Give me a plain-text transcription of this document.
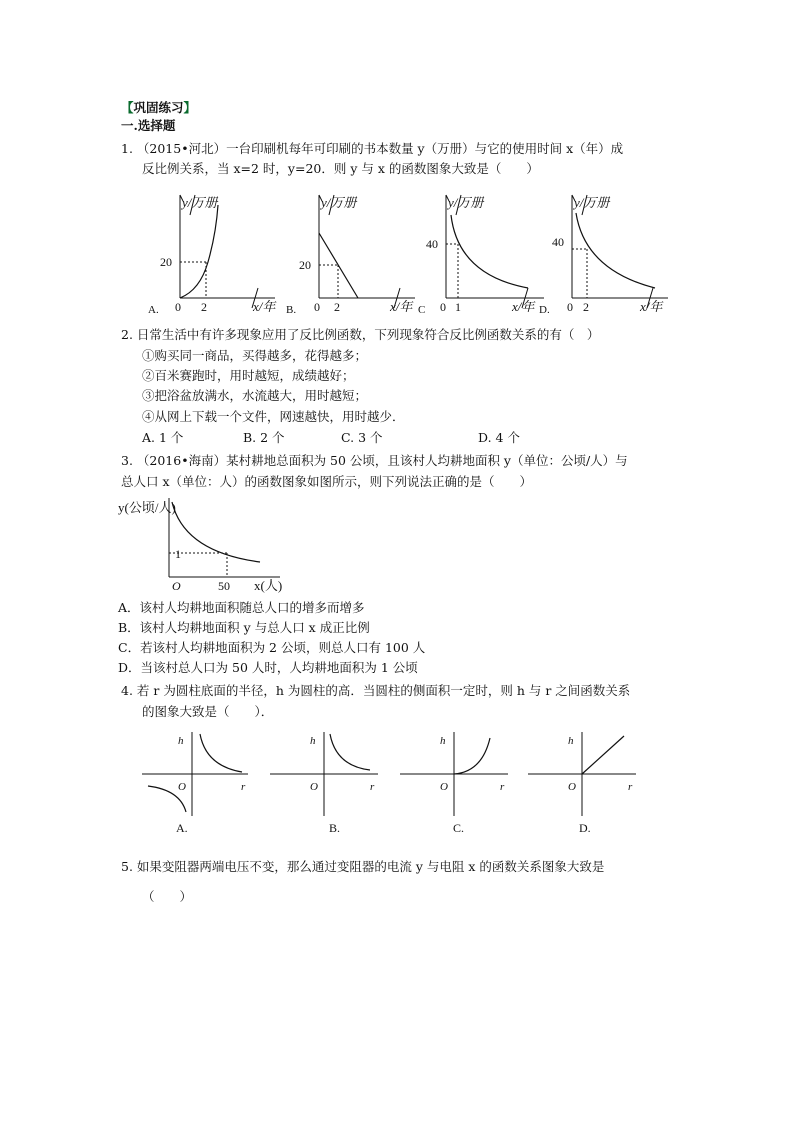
【巩固练习】
一.选择题
1. （2015•河北）一台印刷机每年可印刷的书本数量 y（万册）与它的使用时间 x（年）成
反比例关系，当 x=2 时，y=20．则 y 与 x 的函数图象大致是（　　）
y/万册
20
0 2	x/年
A.
y/万册
20
0 2	x/年
B.
y/万册
40
0 1	x/年
C
y/万册
40
0 2	x/年
D.
2. 日常生活中有许多现象应用了反比例函数，下列现象符合反比例函数关系的有（　）
①购买同一商品，买得越多，花得越多；
②百米赛跑时，用时越短，成绩越好；
③把浴盆放满水，水流越大，用时越短；
④从网上下载一个文件，网速越快，用时越少．
A. 1 个	B. 2 个	C. 3 个	D. 4 个
3. （2016•海南）某村耕地总面积为 50 公顷，且该村人均耕地面积 y（单位：公顷/人）与
总人口 x（单位：人）的函数图象如图所示，则下列说法正确的是（　　）
y(公顷/人)
1
O	50 x(人)
A．该村人均耕地面积随总人口的增多而增多
B．该村人均耕地面积 y 与总人口 x 成正比例
C．若该村人均耕地面积为 2 公顷，则总人口有 100 人
D．当该村总人口为 50 人时，人均耕地面积为 1 公顷
4. 若 r 为圆柱底面的半径，h 为圆柱的高．当圆柱的侧面积一定时，则 h 与 r 之间函数关系
的图象大致是（　　）．
h
O	r
A.
h
O	r
B.
h
O	r
C.
h
O	r
D.
5. 如果变阻器两端电压不变，那么通过变阻器的电流 y 与电阻 x 的函数关系图象大致是
（　　）
